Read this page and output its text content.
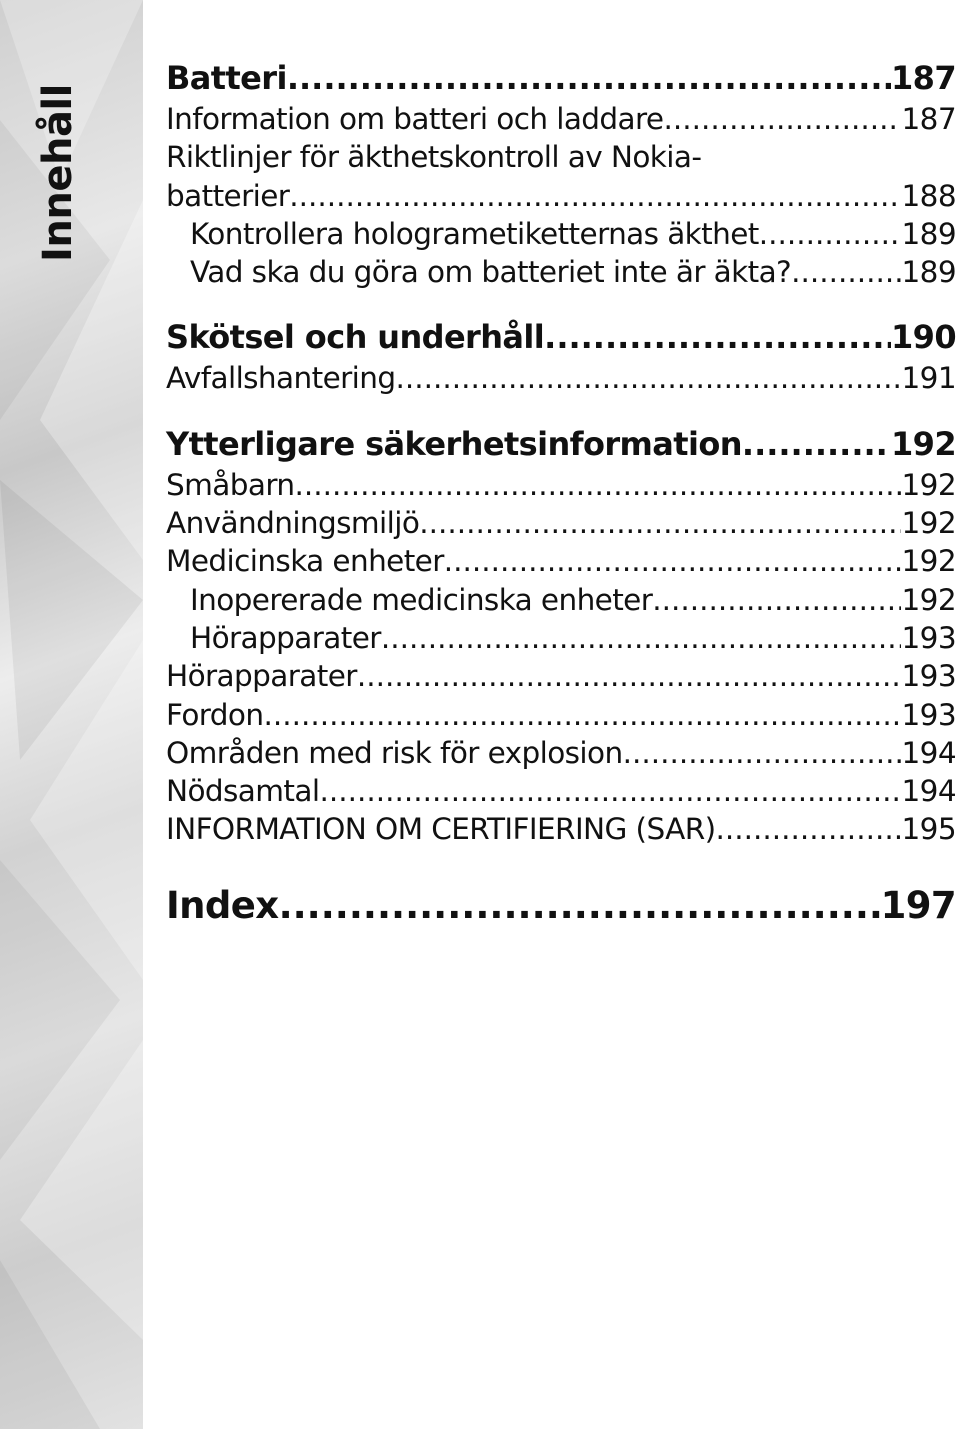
Innehåll
Batteri .....	187
Information om batteri och laddare .....	187
Riktlinjer för äkthetskontroll av Nokia-
batterier .....	188
Kontrollera hologrametiketternas äkthet .....	189
Vad ska du göra om batteriet inte är äkta? .....	189
Skötsel och underhåll .....	190
Avfallshantering .....	191
Ytterligare säkerhetsinformation .....	192
Småbarn .....	192
Användningsmiljö .....	192
Medicinska enheter .....	192
Inopererade medicinska enheter .....	192
Hörapparater .....	193
Hörapparater .....	193
Fordon .....	193
Områden med risk för explosion .....	194
Nödsamtal .....	194
INFORMATION OM CERTIFIERING (SAR) .....	195
Index .....	197
